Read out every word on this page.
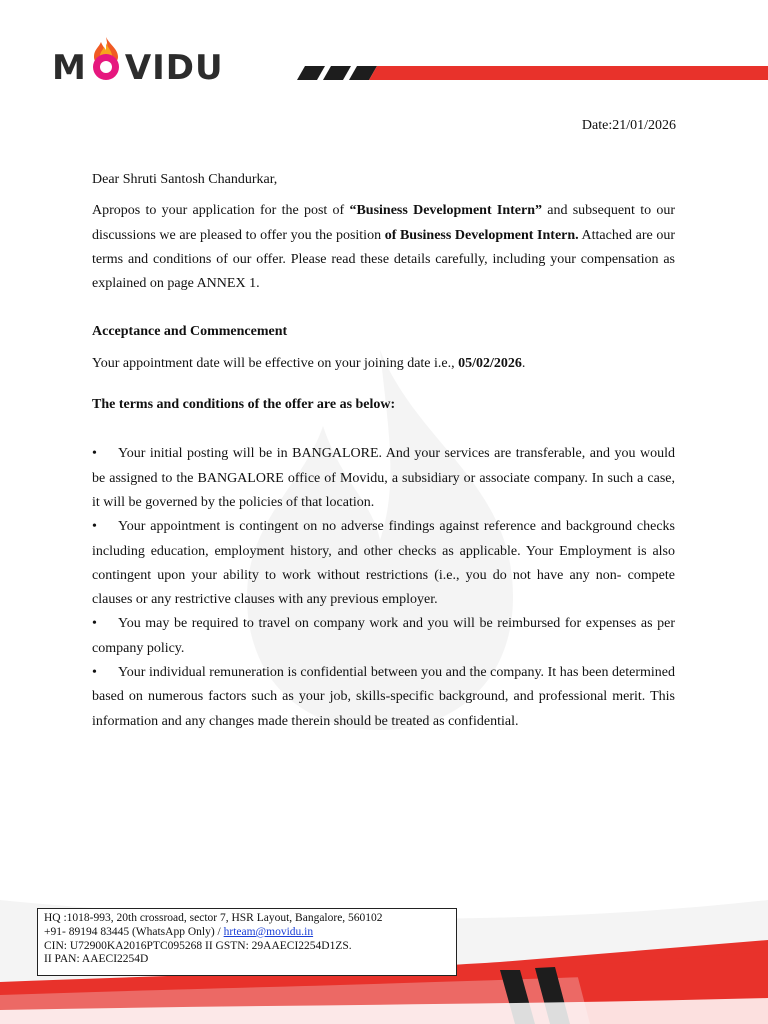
M VIDU
Date:21/01/2026

Dear Shruti Santosh Chandurkar,

Apropos to your application for the post of “Business Development Intern” and subsequent to our discussions we are pleased to offer you the position of Business Development Intern. Attached are our terms and conditions of our offer. Please read these details carefully, including your compensation as explained on page ANNEX 1.

Acceptance and Commencement

Your appointment date will be effective on your joining date i.e., 05/02/2026.

The terms and conditions of the offer are as below:

• Your initial posting will be in BANGALORE. And your services are transferable, and you would be assigned to the BANGALORE office of Movidu, a subsidiary or associate company. In such a case, it will be governed by the policies of that location.

• Your appointment is contingent on no adverse findings against reference and background checks including education, employment history, and other checks as applicable. Your Employment is also contingent upon your ability to work without restrictions (i.e., you do not have any non- compete clauses or any restrictive clauses with any previous employer.

• You may be required to travel on company work and you will be reimbursed for expenses as per company policy.

• Your individual remuneration is confidential between you and the company. It has been determined based on numerous factors such as your job, skills-specific background, and professional merit. This information and any changes made therein should be treated as confidential.

HQ :1018-993, 20th crossroad, sector 7, HSR Layout, Bangalore, 560102
+91- 89194 83445 (WhatsApp Only) / hrteam@movidu.in
CIN: U72900KA2016PTC095268 II GSTN: 29AAECI2254D1ZS.
II PAN: AAECI2254D
